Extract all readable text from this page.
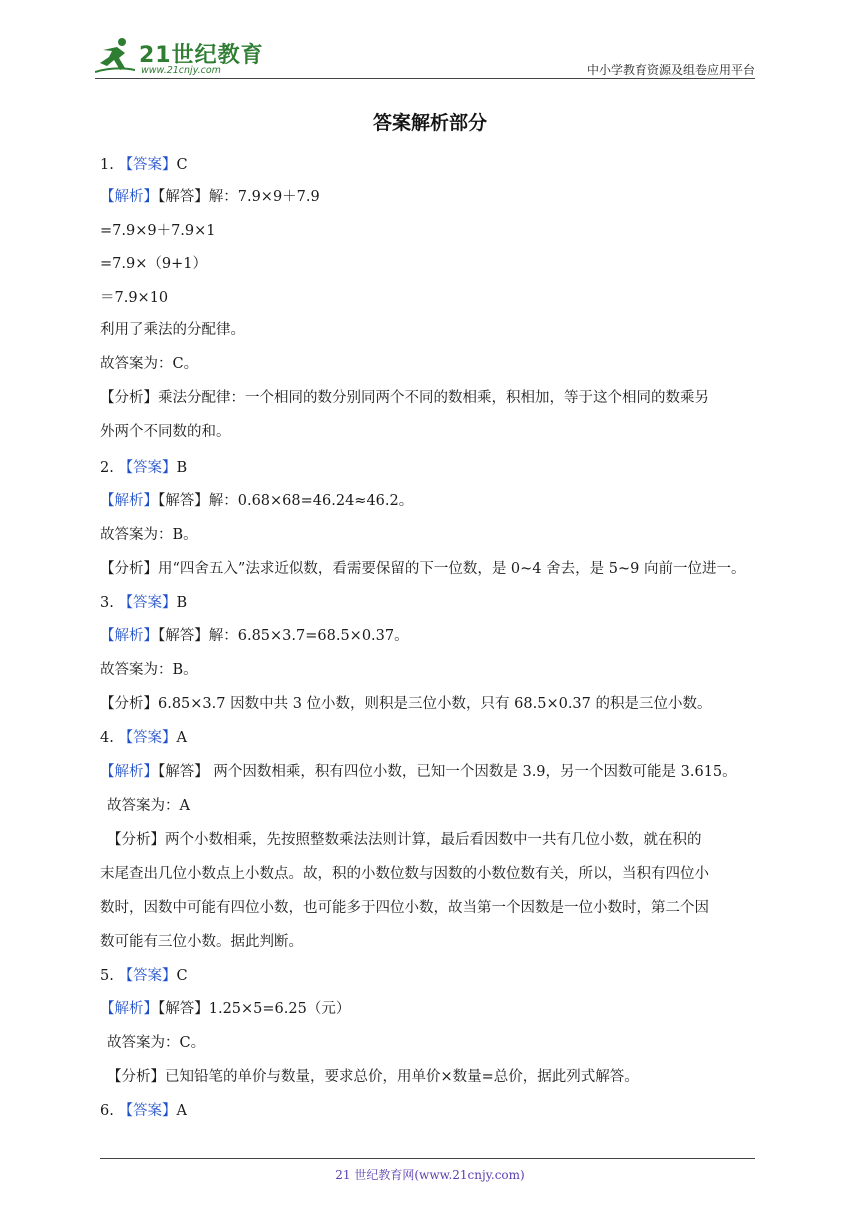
21世纪教育
www.21cnjy.com	中小学教育资源及组卷应用平台
答案解析部分
1. 【答案】C
【解析】【解答】解：7.9×9＋7.9
=7.9×9＋7.9×1
=7.9×（9+1）
＝7.9×10
利用了乘法的分配律。
故答案为：C。
【分析】乘法分配律：一个相同的数分别同两个不同的数相乘，积相加，等于这个相同的数乘另
外两个不同数的和。
2. 【答案】B
【解析】【解答】解：0.68×68=46.24≈46.2。
故答案为：B。
【分析】用“四舍五入”法求近似数，看需要保留的下一位数，是 0~4 舍去，是 5~9 向前一位进一。
3. 【答案】B
【解析】【解答】解：6.85×3.7=68.5×0.37。
故答案为：B。
【分析】6.85×3.7 因数中共 3 位小数，则积是三位小数，只有 68.5×0.37 的积是三位小数。
4. 【答案】A
【解析】【解答】 两个因数相乘，积有四位小数，已知一个因数是 3.9，另一个因数可能是 3.615。
故答案为：A
【分析】两个小数相乘，先按照整数乘法法则计算，最后看因数中一共有几位小数，就在积的
末尾查出几位小数点上小数点。故，积的小数位数与因数的小数位数有关，所以，当积有四位小
数时，因数中可能有四位小数，也可能多于四位小数，故当第一个因数是一位小数时，第二个因
数可能有三位小数。据此判断。
5. 【答案】C
【解析】【解答】1.25×5=6.25（元）
故答案为：C。
【分析】已知铅笔的单价与数量，要求总价，用单价×数量=总价，据此列式解答。
6. 【答案】A
21 世纪教育网(www.21cnjy.com)
